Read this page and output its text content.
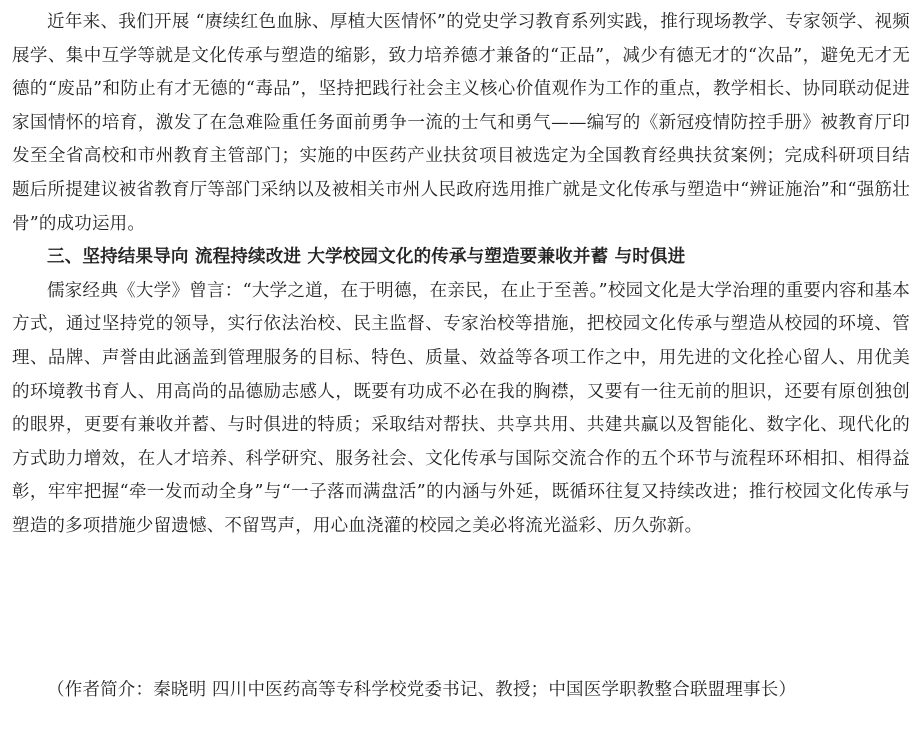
近年来、我们开展 “赓续红色血脉、厚植大医情怀”的党史学习教育系列实践，推行现场教学、专家领学、视频展学、集中互学等就是文化传承与塑造的缩影，致力培养德才兼备的“正品”，减少有德无才的“次品”，避免无才无德的“废品”和防止有才无德的“毒品”，坚持把践行社会主义核心价值观作为工作的重点，教学相长、协同联动促进家国情怀的培育，激发了在急难险重任务面前勇争一流的士气和勇气——编写的《新冠疫情防控手册》被教育厅印发至全省高校和市州教育主管部门；实施的中医药产业扶贫项目被选定为全国教育经典扶贫案例；完成科研项目结题后所提建议被省教育厅等部门采纳以及被相关市州人民政府选用推广就是文化传承与塑造中“辨证施治”和“强筋壮骨”的成功运用。

三、坚持结果导向 流程持续改进 大学校园文化的传承与塑造要兼收并蓄 与时俱进

儒家经典《大学》曾言：“大学之道，在于明德，在亲民，在止于至善。”校园文化是大学治理的重要内容和基本方式，通过坚持党的领导，实行依法治校、民主监督、专家治校等措施，把校园文化传承与塑造从校园的环境、管理、品牌、声誉由此涵盖到管理服务的目标、特色、质量、效益等各项工作之中，用先进的文化拴心留人、用优美的环境教书育人、用高尚的品德励志感人，既要有功成不必在我的胸襟，又要有一往无前的胆识，还要有原创独创的眼界，更要有兼收并蓄、与时俱进的特质；采取结对帮扶、共享共用、共建共赢以及智能化、数字化、现代化的方式助力增效，在人才培养、科学研究、服务社会、文化传承与国际交流合作的五个环节与流程环环相扣、相得益彰，牢牢把握“牵一发而动全身”与“一子落而满盘活”的内涵与外延，既循环往复又持续改进；推行校园文化传承与塑造的多项措施少留遗憾、不留骂声，用心血浇灌的校园之美必将流光溢彩、历久弥新。

（作者简介：秦晓明 四川中医药高等专科学校党委书记、教授；中国医学职教整合联盟理事长）
